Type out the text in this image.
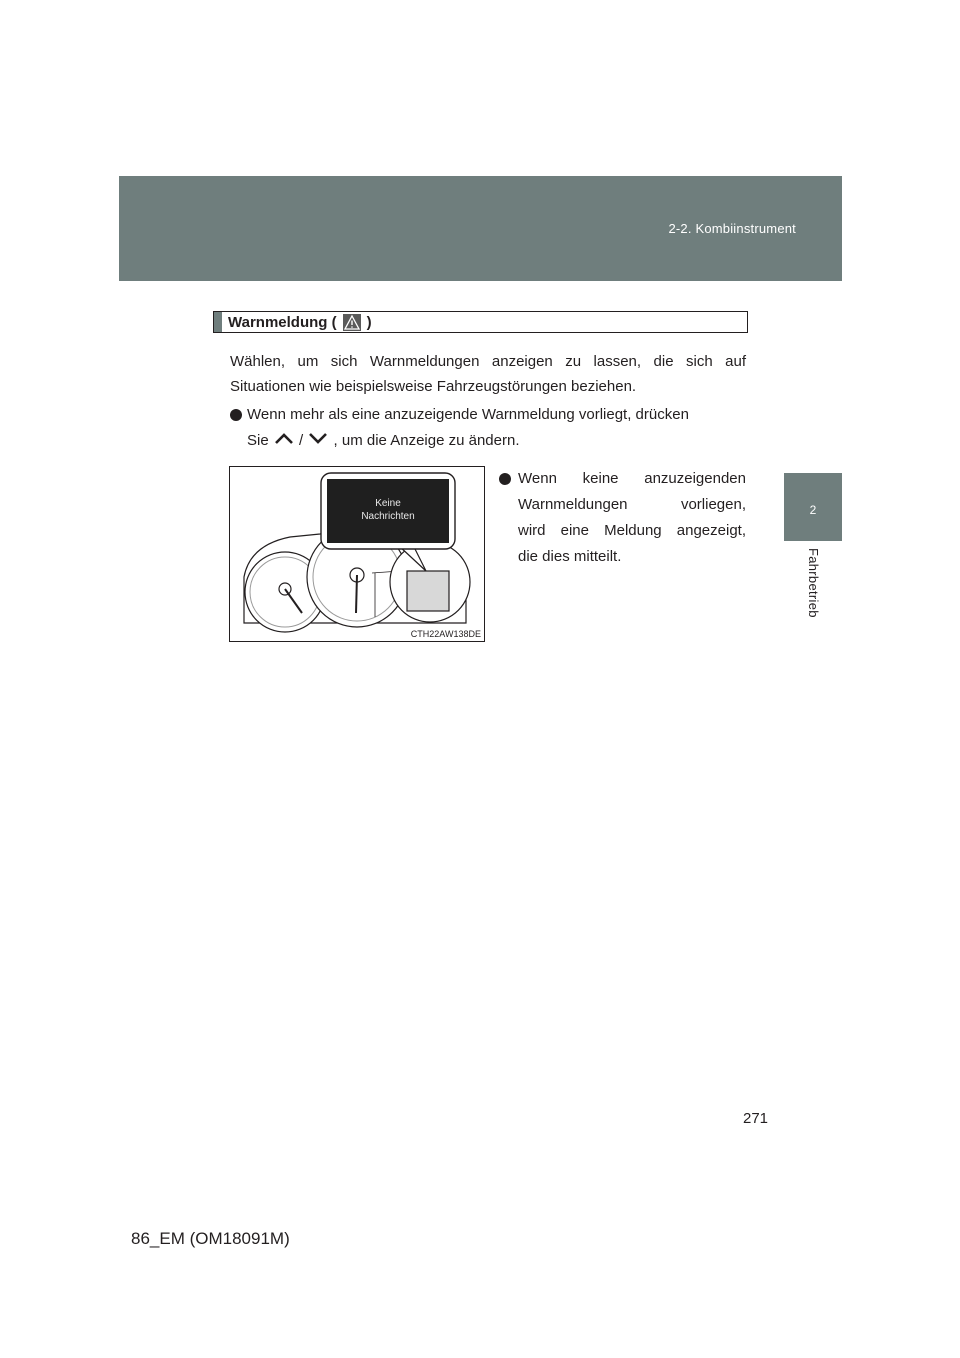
2-2. Kombiinstrument
2
Fahrbetrieb
Warnmeldung ( )
Wählen, um sich Warnmeldungen anzeigen zu lassen, die sich auf Situationen wie beispielsweise Fahrzeugstörungen beziehen.
Wenn mehr als eine anzuzeigende Warnmeldung vorliegt, drücken
Sie / , um die Anzeige zu ändern.
Wenn keine anzuzeigenden
Warnmeldungen vorliegen,
wird eine Meldung angezeigt,
die dies mitteilt.
Keine
Nachrichten
CTH22AW138DE
271
86_EM (OM18091M)
